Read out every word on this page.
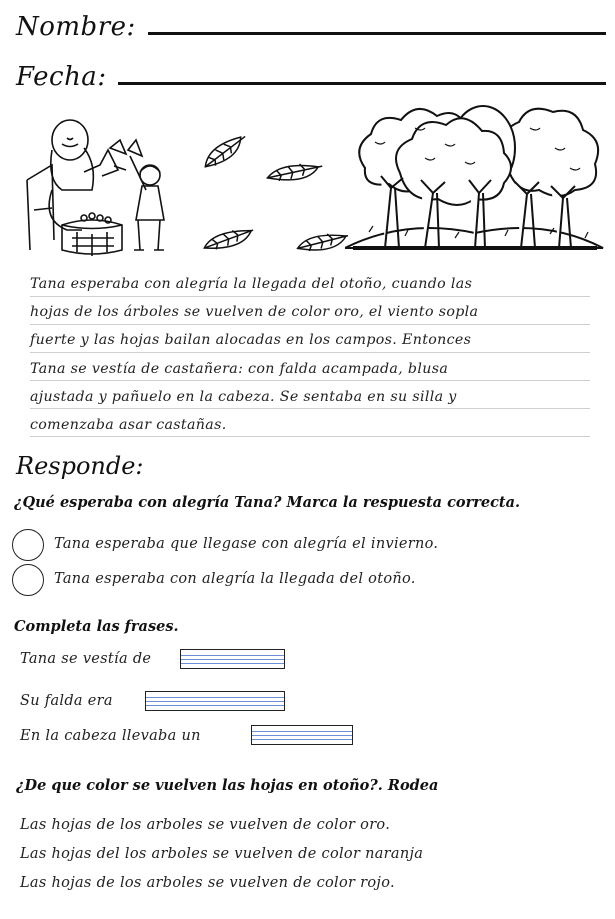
Nombre:
Fecha:
Tana esperaba con alegría la llegada del otoño, cuando las
hojas de los árboles se vuelven de color oro, el viento sopla
fuerte y las hojas bailan alocadas en los campos. Entonces
Tana se vestía de castañera: con falda acampada, blusa
ajustada y pañuelo en la cabeza. Se sentaba en su silla y
comenzaba asar castañas.
Responde:
¿Qué esperaba con alegría Tana? Marca la respuesta correcta.
Tana esperaba que llegase con alegría el invierno.
Tana esperaba con alegría la llegada del otoño.
Completa las frases.
Tana se vestía de
Su falda era
En la cabeza llevaba un
¿De que color se vuelven las hojas en otoño?. Rodea
Las hojas de los arboles se vuelven de color oro.
Las hojas del los arboles se vuelven de color naranja
Las hojas de los arboles se vuelven de color rojo.
